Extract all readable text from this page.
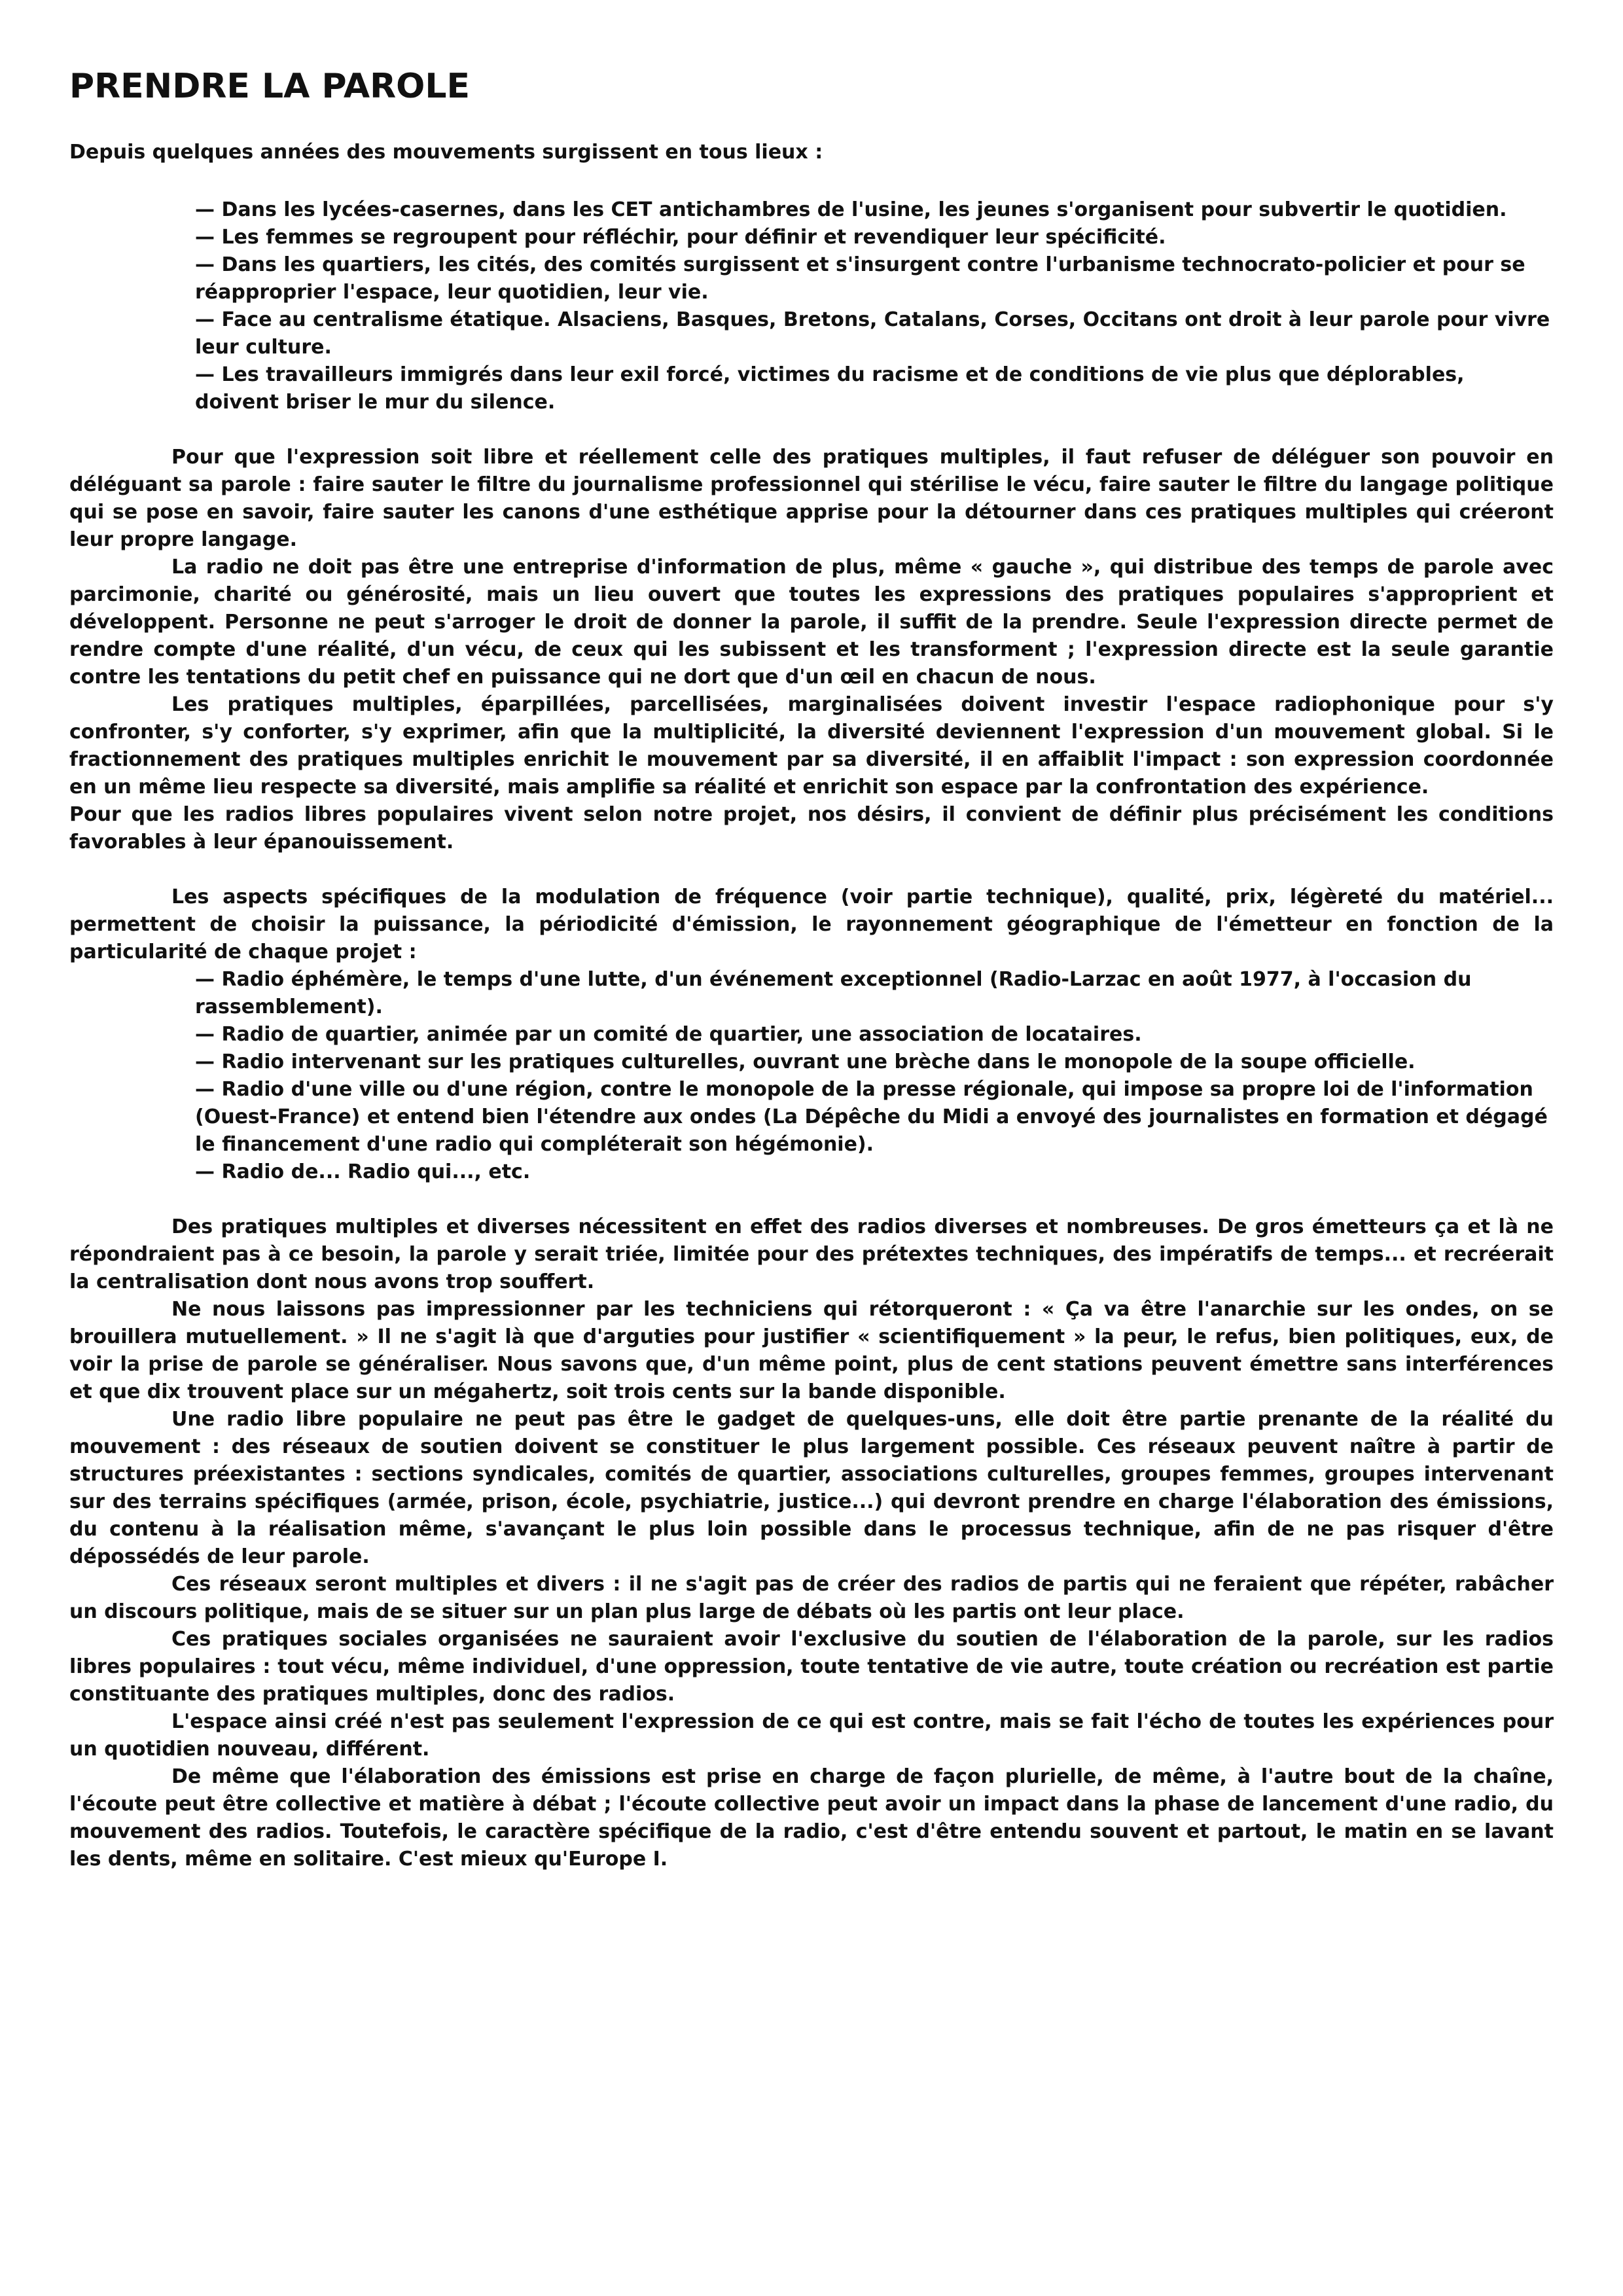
PRENDRE LA PAROLE

Depuis quelques années des mouvements surgissent en tous lieux :

— Dans les lycées-casernes, dans les CET antichambres de l'usine, les jeunes s'organisent pour subvertir le quotidien.

— Les femmes se regroupent pour réfléchir, pour définir et revendiquer leur spécificité.

— Dans les quartiers, les cités, des comités surgissent et s'insurgent contre l'urbanisme technocrato-policier et pour se réapproprier l'espace, leur quotidien, leur vie.

— Face au centralisme étatique. Alsaciens, Basques, Bretons, Catalans, Corses, Occitans ont droit à leur parole pour vivre leur culture.

— Les travailleurs immigrés dans leur exil forcé, victimes du racisme et de conditions de vie plus que déplorables, doivent briser le mur du silence.

Pour que l'expression soit libre et réellement celle des pratiques multiples, il faut refuser de déléguer son pouvoir en déléguant sa parole : faire sauter le filtre du journalisme professionnel qui stérilise le vécu, faire sauter le filtre du langage politique qui se pose en savoir, faire sauter les canons d'une esthétique apprise pour la détourner dans ces pratiques multiples qui créeront leur propre langage.

La radio ne doit pas être une entreprise d'information de plus, même « gauche », qui distribue des temps de parole avec parcimonie, charité ou générosité, mais un lieu ouvert que toutes les expressions des pratiques populaires s'approprient et développent. Personne ne peut s'arroger le droit de donner la parole, il suffit de la prendre. Seule l'expression directe permet de rendre compte d'une réalité, d'un vécu, de ceux qui les subissent et les transforment ; l'expression directe est la seule garantie contre les tentations du petit chef en puissance qui ne dort que d'un œil en chacun de nous.

Les pratiques multiples, éparpillées, parcellisées, marginalisées doivent investir l'espace radiophonique pour s'y confronter, s'y conforter, s'y exprimer, afin que la multiplicité, la diversité deviennent l'expression d'un mouvement global. Si le fractionnement des pratiques multiples enrichit le mouvement par sa diversité, il en affaiblit l'impact : son expression coordonnée en un même lieu respecte sa diversité, mais amplifie sa réalité et enrichit son espace par la confrontation des expérience.

Pour que les radios libres populaires vivent selon notre projet, nos désirs, il convient de définir plus précisément les conditions favorables à leur épanouissement.

Les aspects spécifiques de la modulation de fréquence (voir partie technique), qualité, prix, légèreté du matériel... permettent de choisir la puissance, la périodicité d'émission, le rayonnement géographique de l'émetteur en fonction de la particularité de chaque projet :

— Radio éphémère, le temps d'une lutte, d'un événement exceptionnel (Radio-Larzac en août 1977, à l'occasion du rassemblement).

— Radio de quartier, animée par un comité de quartier, une association de locataires.

— Radio intervenant sur les pratiques culturelles, ouvrant une brèche dans le monopole de la soupe officielle.

— Radio d'une ville ou d'une région, contre le monopole de la presse régionale, qui impose sa propre loi de l'information (Ouest-France) et entend bien l'étendre aux ondes (La Dépêche du Midi a envoyé des journalistes en formation et dégagé le financement d'une radio qui compléterait son hégémonie).

— Radio de... Radio qui..., etc.

Des pratiques multiples et diverses nécessitent en effet des radios diverses et nombreuses. De gros émetteurs ça et là ne répondraient pas à ce besoin, la parole y serait triée, limitée pour des prétextes techniques, des impératifs de temps... et recréerait la centralisation dont nous avons trop souffert.

Ne nous laissons pas impressionner par les techniciens qui rétorqueront : « Ça va être l'anarchie sur les ondes, on se brouillera mutuellement. » Il ne s'agit là que d'arguties pour justifier « scientifiquement » la peur, le refus, bien politiques, eux, de voir la prise de parole se généraliser. Nous savons que, d'un même point, plus de cent stations peuvent émettre sans interférences et que dix trouvent place sur un mégahertz, soit trois cents sur la bande disponible.

Une radio libre populaire ne peut pas être le gadget de quelques-uns, elle doit être partie prenante de la réalité du mouvement : des réseaux de soutien doivent se constituer le plus largement possible. Ces réseaux peuvent naître à partir de structures préexistantes : sections syndicales, comités de quartier, associations culturelles, groupes femmes, groupes intervenant sur des terrains spécifiques (armée, prison, école, psychiatrie, justice...) qui devront prendre en charge l'élaboration des émissions, du contenu à la réalisation même, s'avançant le plus loin possible dans le processus technique, afin de ne pas risquer d'être dépossédés de leur parole.

Ces réseaux seront multiples et divers : il ne s'agit pas de créer des radios de partis qui ne feraient que répéter, rabâcher un discours politique, mais de se situer sur un plan plus large de débats où les partis ont leur place.

Ces pratiques sociales organisées ne sauraient avoir l'exclusive du soutien de l'élaboration de la parole, sur les radios libres populaires : tout vécu, même individuel, d'une oppression, toute tentative de vie autre, toute création ou recréation est partie constituante des pratiques multiples, donc des radios.

L'espace ainsi créé n'est pas seulement l'expression de ce qui est contre, mais se fait l'écho de toutes les expériences pour un quotidien nouveau, différent.

De même que l'élaboration des émissions est prise en charge de façon plurielle, de même, à l'autre bout de la chaîne, l'écoute peut être collective et matière à débat ; l'écoute collective peut avoir un impact dans la phase de lancement d'une radio, du mouvement des radios. Toutefois, le caractère spécifique de la radio, c'est d'être entendu souvent et partout, le matin en se lavant les dents, même en solitaire. C'est mieux qu'Europe I.
